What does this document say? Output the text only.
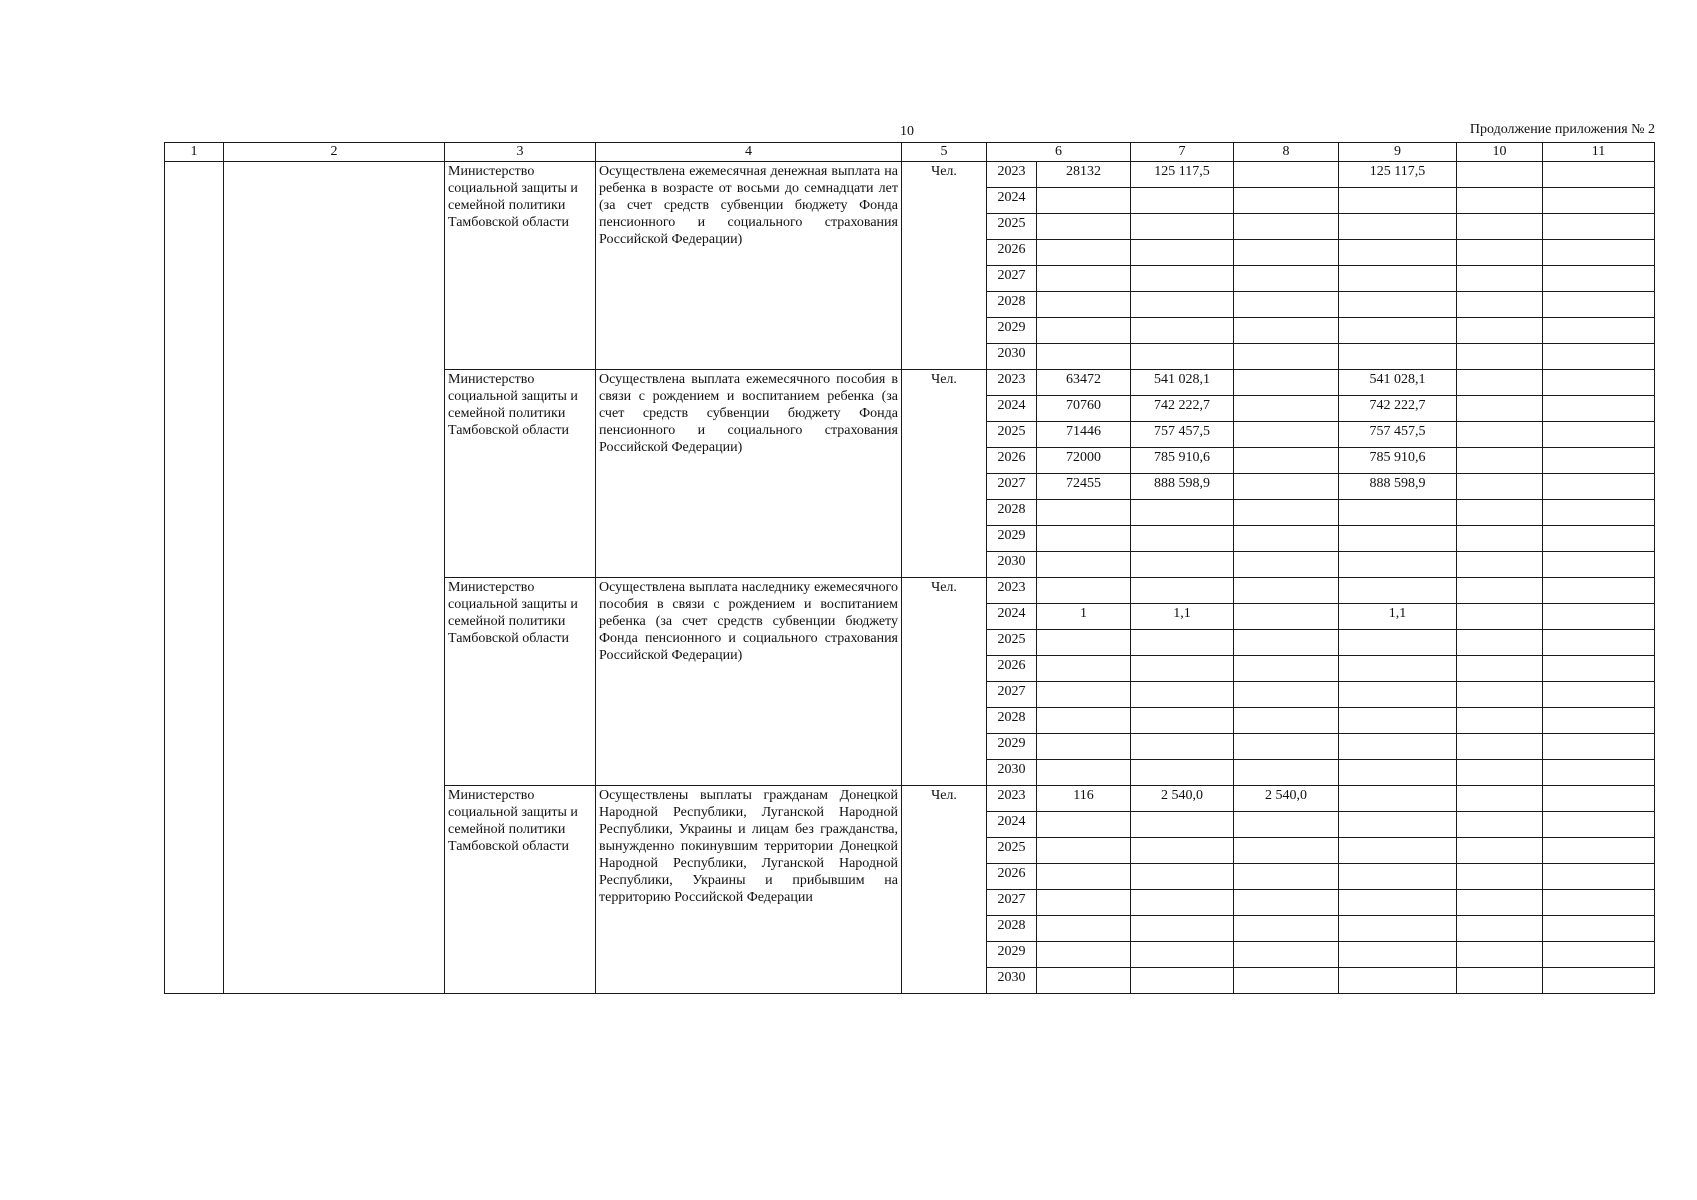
10	Продолжение приложения № 2
1	2	3	4	5	6		7	8	9	10	11
		Министерство социальной защиты и семейной политики Тамбовской области	Осуществлена ежемесячная денежная выплата на ребенка в возрасте от восьми до семнадцати лет (за счет средств субвенции бюджету Фонда пенсионного и социального страхования Российской Федерации)	Чел.	2023	28132	125 117,5		125 117,5		
					2024						
					2025						
					2026						
					2027						
					2028						
					2029						
					2030						
		Министерство социальной защиты и семейной политики Тамбовской области	Осуществлена выплата ежемесячного пособия в связи с рождением и воспитанием ребенка (за счет средств субвенции бюджету Фонда пенсионного и социального страхования Российской Федерации)	Чел.	2023	63472	541 028,1		541 028,1		
					2024	70760	742 222,7		742 222,7		
					2025	71446	757 457,5		757 457,5		
					2026	72000	785 910,6		785 910,6		
					2027	72455	888 598,9		888 598,9		
					2028						
					2029						
					2030						
		Министерство социальной защиты и семейной политики Тамбовской области	Осуществлена выплата наследнику ежемесячного пособия в связи с рождением и воспитанием ребенка (за счет средств субвенции бюджету Фонда пенсионного и социального страхования Российской Федерации)	Чел.	2023						
					2024	1	1,1		1,1		
					2025						
					2026						
					2027						
					2028						
					2029						
					2030						
		Министерство социальной защиты и семейной политики Тамбовской области	Осуществлены выплаты гражданам Донецкой Народной Республики, Луганской Народной Республики, Украины и лицам без гражданства, вынужденно покинувшим территории Донецкой Народной Республики, Луганской Народной Республики, Украины и прибывшим на территорию Российской Федерации	Чел.	2023	116	2 540,0	2 540,0			
					2024						
					2025						
					2026						
					2027						
					2028						
					2029						
					2030						
